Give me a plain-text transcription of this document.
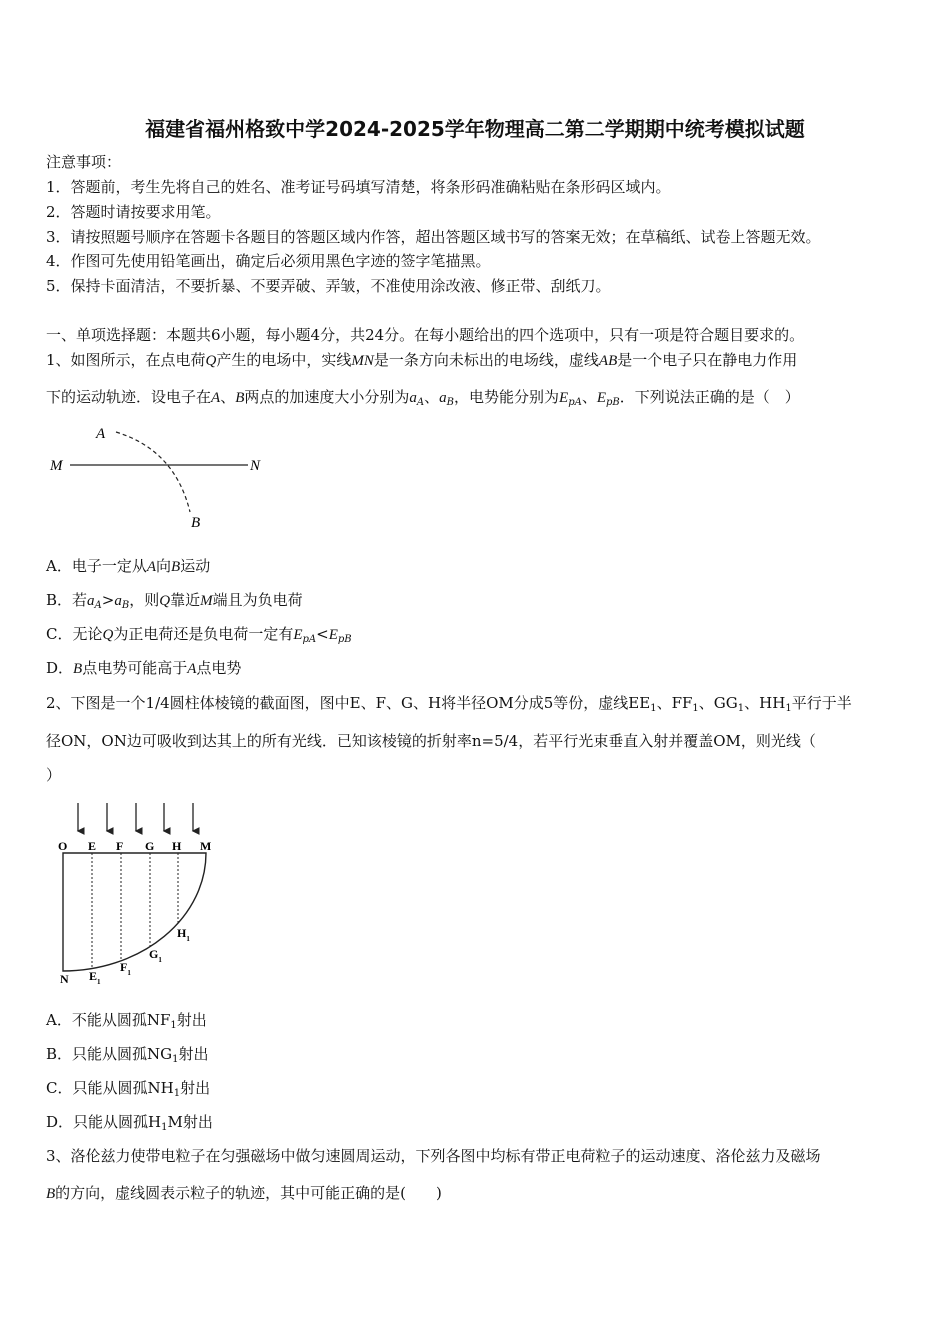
福建省福州格致中学2024-2025学年物理高二第二学期期中统考模拟试题
注意事项：
1．答题前，考生先将自己的姓名、准考证号码填写清楚，将条形码准确粘贴在条形码区域内。
2．答题时请按要求用笔。
3．请按照题号顺序在答题卡各题目的答题区域内作答，超出答题区域书写的答案无效；在草稿纸、试卷上答题无效。
4．作图可先使用铅笔画出，确定后必须用黑色字迹的签字笔描黑。
5．保持卡面清洁，不要折暴、不要弄破、弄皱，不准使用涂改液、修正带、刮纸刀。
一、单项选择题：本题共6小题，每小题4分，共24分。在每小题给出的四个选项中，只有一项是符合题目要求的。
1、如图所示，在点电荷Q产生的电场中，实线MN是一条方向未标出的电场线，虚线AB是一个电子只在静电力作用
下的运动轨迹．设电子在A、B两点的加速度大小分别为$a_A$、$a_B$，电势能分别为$E_{pA}$、$E_{pB}$．下列说法正确的是（　）
A
M	N
B
A．电子一定从A向B运动
B．若$a_A>a_B$，则Q靠近M端且为负电荷
C．无论Q为正电荷还是负电荷一定有$E_{pA}<E_{pB}$
D．B点电势可能高于A点电势
2、下图是一个1/4圆柱体棱镜的截面图，图中E、F、G、H将半径OM分成5等份，虚线$EE_1$、$FF_1$、$GG_1$、$HH_1$平行于半
径ON，ON边可吸收到达其上的所有光线．已知该棱镜的折射率n=5/4，若平行光束垂直入射并覆盖OM，则光线（
）
O E F G H M
N $E_1$
$F_1$
$G_1$
$H_1$
A．不能从圆孤$NF_1$射出
B．只能从圆孤$NG_1$射出
C．只能从圆孤$NH_1$射出
D．只能从圆孤$H_1M$射出
3、洛伦兹力使带电粒子在匀强磁场中做匀速圆周运动，下列各图中均标有带正电荷粒子的运动速度、洛伦兹力及磁场
B的方向，虚线圆表示粒子的轨迹，其中可能正确的是(　　)
